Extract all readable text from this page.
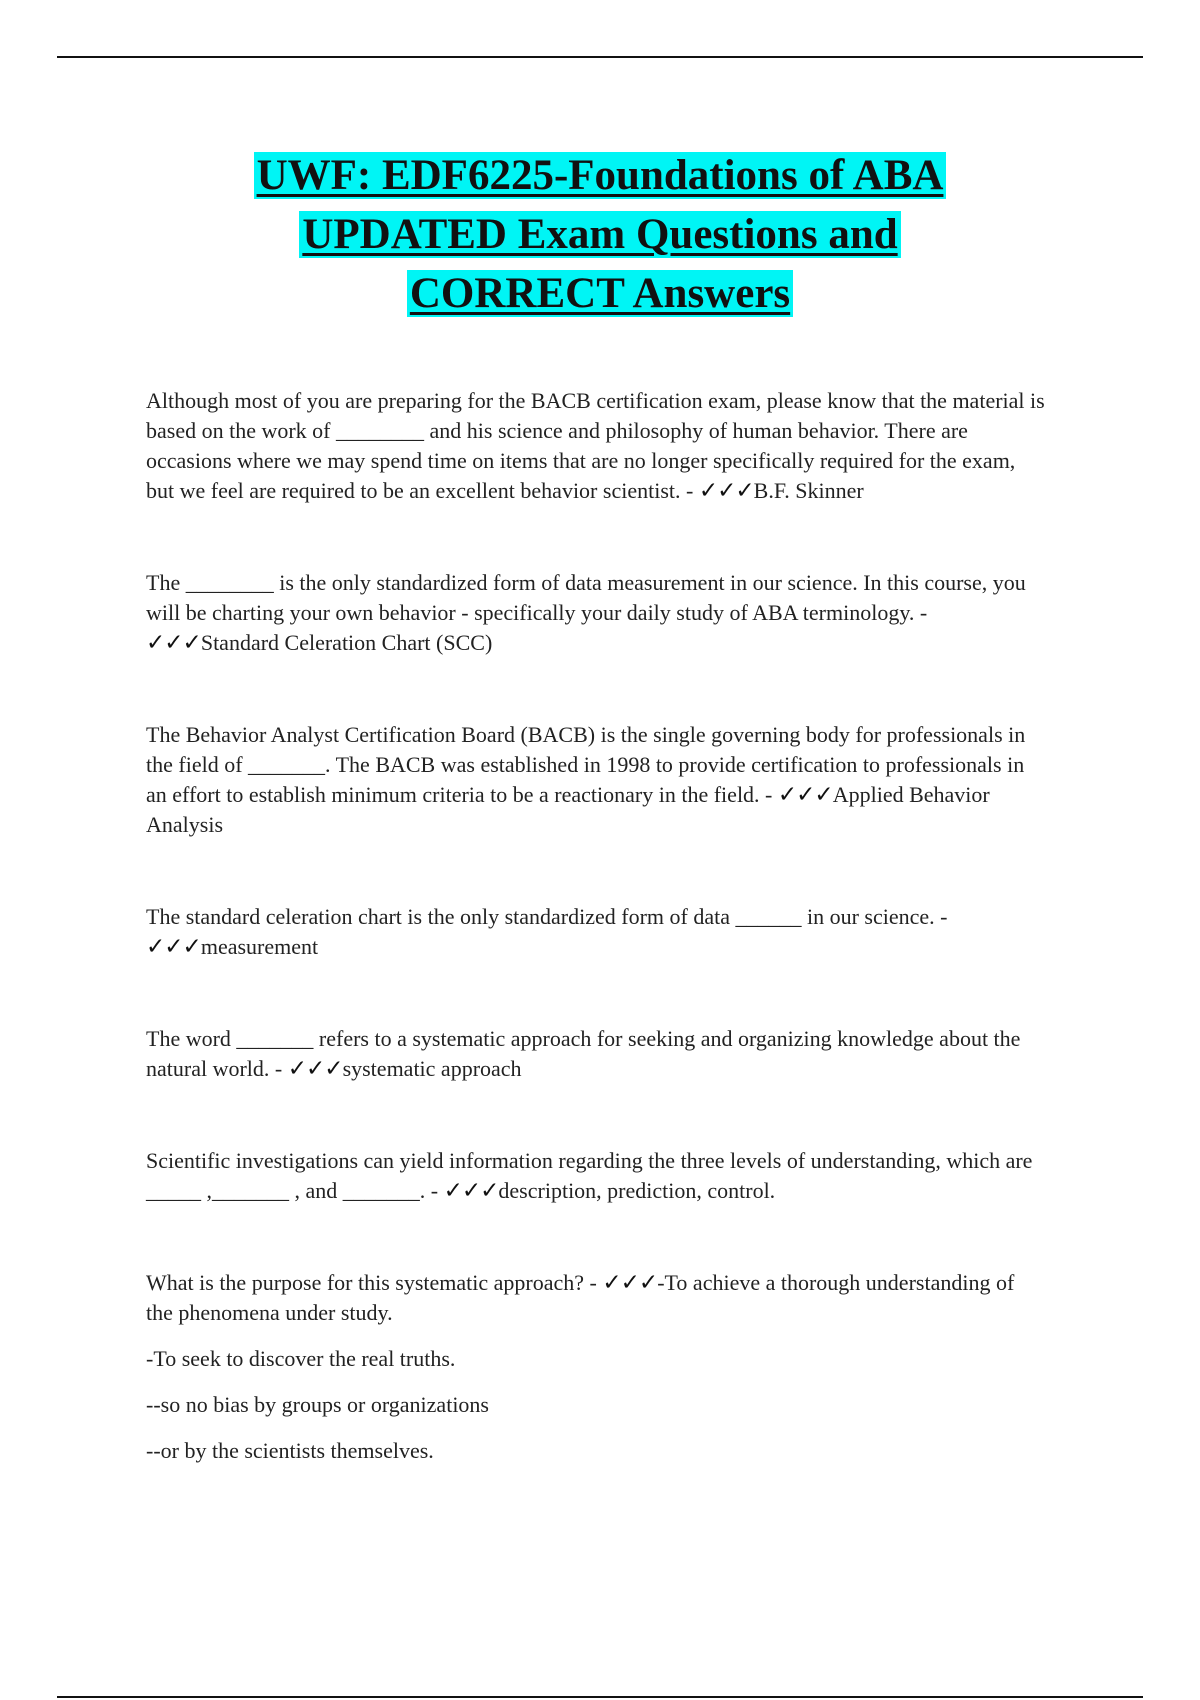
UWF: EDF6225-Foundations of ABA
UPDATED Exam Questions and
CORRECT Answers

Although most of you are preparing for the BACB certification exam, please know that the material is based on the work of ________ and his science and philosophy of human behavior. There are occasions where we may spend time on items that are no longer specifically required for the exam, but we feel are required to be an excellent behavior scientist. - ✓✓✓B.F. Skinner

The ________ is the only standardized form of data measurement in our science. In this course, you will be charting your own behavior - specifically your daily study of ABA terminology. - ✓✓✓Standard Celeration Chart (SCC)

The Behavior Analyst Certification Board (BACB) is the single governing body for professionals in the field of _______. The BACB was established in 1998 to provide certification to professionals in an effort to establish minimum criteria to be a reactionary in the field. - ✓✓✓Applied Behavior Analysis

The standard celeration chart is the only standardized form of data ______ in our science. - ✓✓✓measurement

The word _______ refers to a systematic approach for seeking and organizing knowledge about the natural world. - ✓✓✓systematic approach

Scientific investigations can yield information regarding the three levels of understanding, which are _____ ,_______ , and _______. - ✓✓✓description, prediction, control.

What is the purpose for this systematic approach? - ✓✓✓-To achieve a thorough understanding of the phenomena under study.

-To seek to discover the real truths.

--so no bias by groups or organizations

--or by the scientists themselves.
